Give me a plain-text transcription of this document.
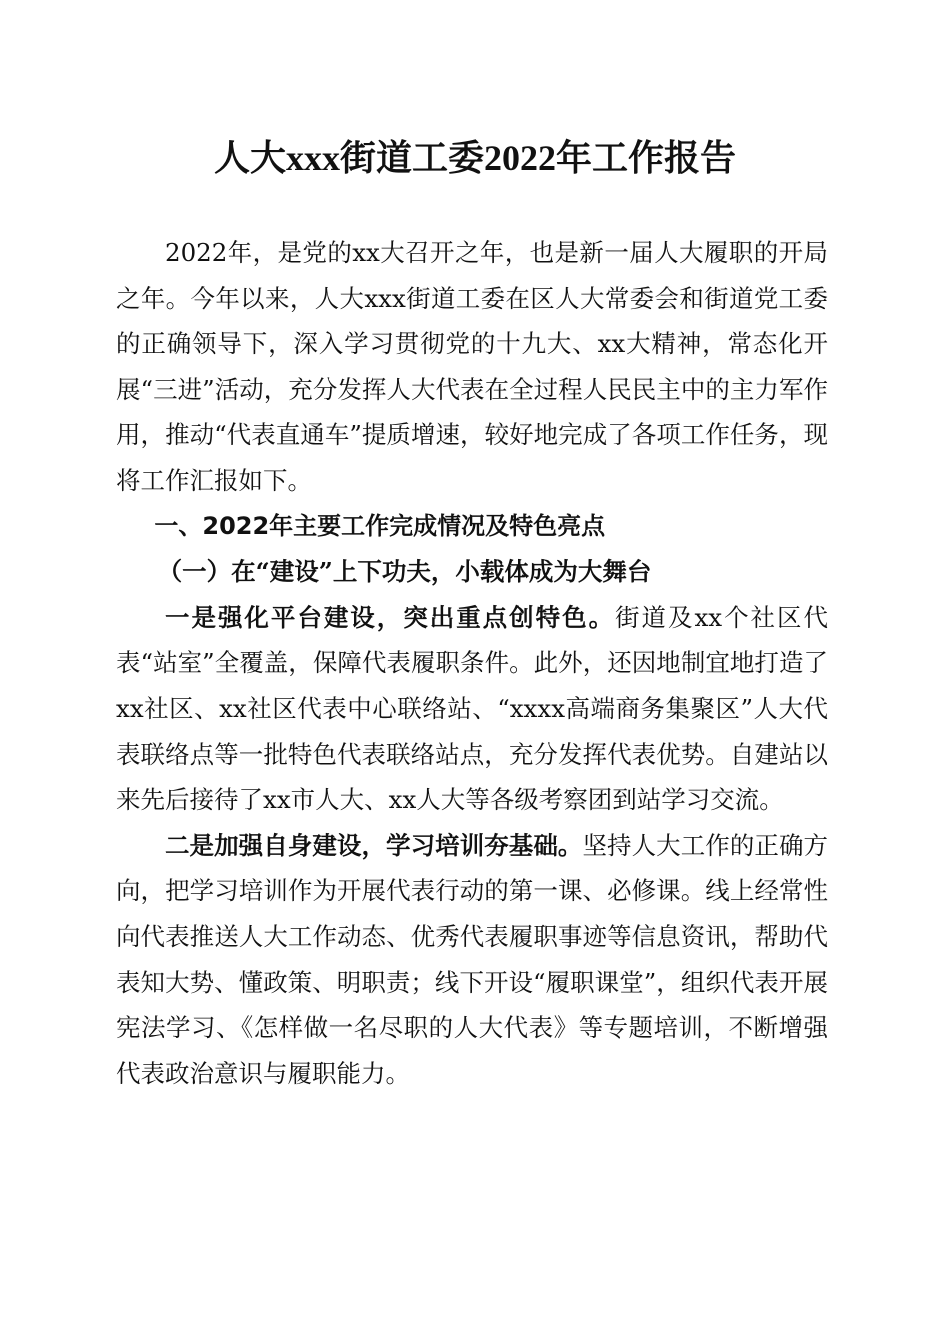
人大xxx街道工委2022年工作报告

2022年，是党的xx大召开之年，也是新一届人大履职的开局之年。今年以来，人大xxx街道工委在区人大常委会和街道党工委的正确领导下，深入学习贯彻党的十九大、xx大精神，常态化开展“三进”活动，充分发挥人大代表在全过程人民民主中的主力军作用，推动“代表直通车”提质增速，较好地完成了各项工作任务，现将工作汇报如下。

一、2022年主要工作完成情况及特色亮点

（一）在“建设”上下功夫，小载体成为大舞台

一是强化平台建设，突出重点创特色。街道及xx个社区代表“站室”全覆盖，保障代表履职条件。此外，还因地制宜地打造了xx社区、xx社区代表中心联络站、“xxxx高端商务集聚区”人大代表联络点等一批特色代表联络站点，充分发挥代表优势。自建站以来先后接待了xx市人大、xx人大等各级考察团到站学习交流。

二是加强自身建设，学习培训夯基础。坚持人大工作的正确方向，把学习培训作为开展代表行动的第一课、必修课。线上经常性向代表推送人大工作动态、优秀代表履职事迹等信息资讯，帮助代表知大势、懂政策、明职责；线下开设“履职课堂”，组织代表开展宪法学习、《怎样做一名尽职的人大代表》等专题培训，不断增强代表政治意识与履职能力。
